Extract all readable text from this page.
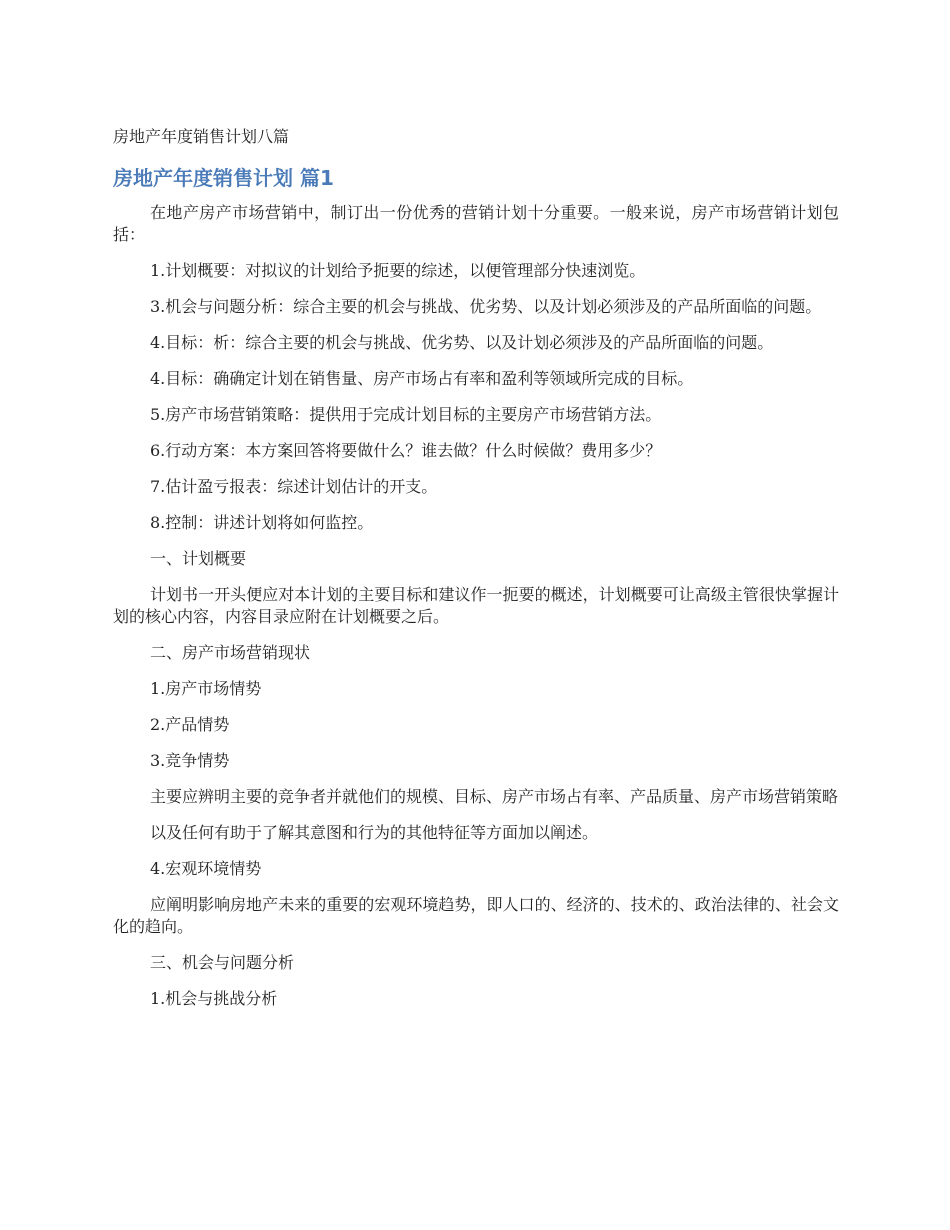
房地产年度销售计划八篇
房地产年度销售计划 篇1

在地产房产市场营销中，制订出一份优秀的营销计划十分重要。一般来说，房产市场营销计划包括：

1.计划概要：对拟议的计划给予扼要的综述，以便管理部分快速浏览。

3.机会与问题分析：综合主要的机会与挑战、优劣势、以及计划必须涉及的产品所面临的问题。

4.目标：析：综合主要的机会与挑战、优劣势、以及计划必须涉及的产品所面临的问题。

4.目标：确确定计划在销售量、房产市场占有率和盈利等领域所完成的目标。

5.房产市场营销策略：提供用于完成计划目标的主要房产市场营销方法。

6.行动方案：本方案回答将要做什么？谁去做？什么时候做？费用多少？

7.估计盈亏报表：综述计划估计的开支。

8.控制：讲述计划将如何监控。

一、计划概要

计划书一开头便应对本计划的主要目标和建议作一扼要的概述，计划概要可让高级主管很快掌握计划的核心内容，内容目录应附在计划概要之后。

二、房产市场营销现状

1.房产市场情势

2.产品情势

3.竞争情势

主要应辨明主要的竞争者并就他们的规模、目标、房产市场占有率、产品质量、房产市场营销策略

以及任何有助于了解其意图和行为的其他特征等方面加以阐述。

4.宏观环境情势

应阐明影响房地产未来的重要的宏观环境趋势，即人口的、经济的、技术的、政治法律的、社会文化的趋向。

三、机会与问题分析

1.机会与挑战分析
